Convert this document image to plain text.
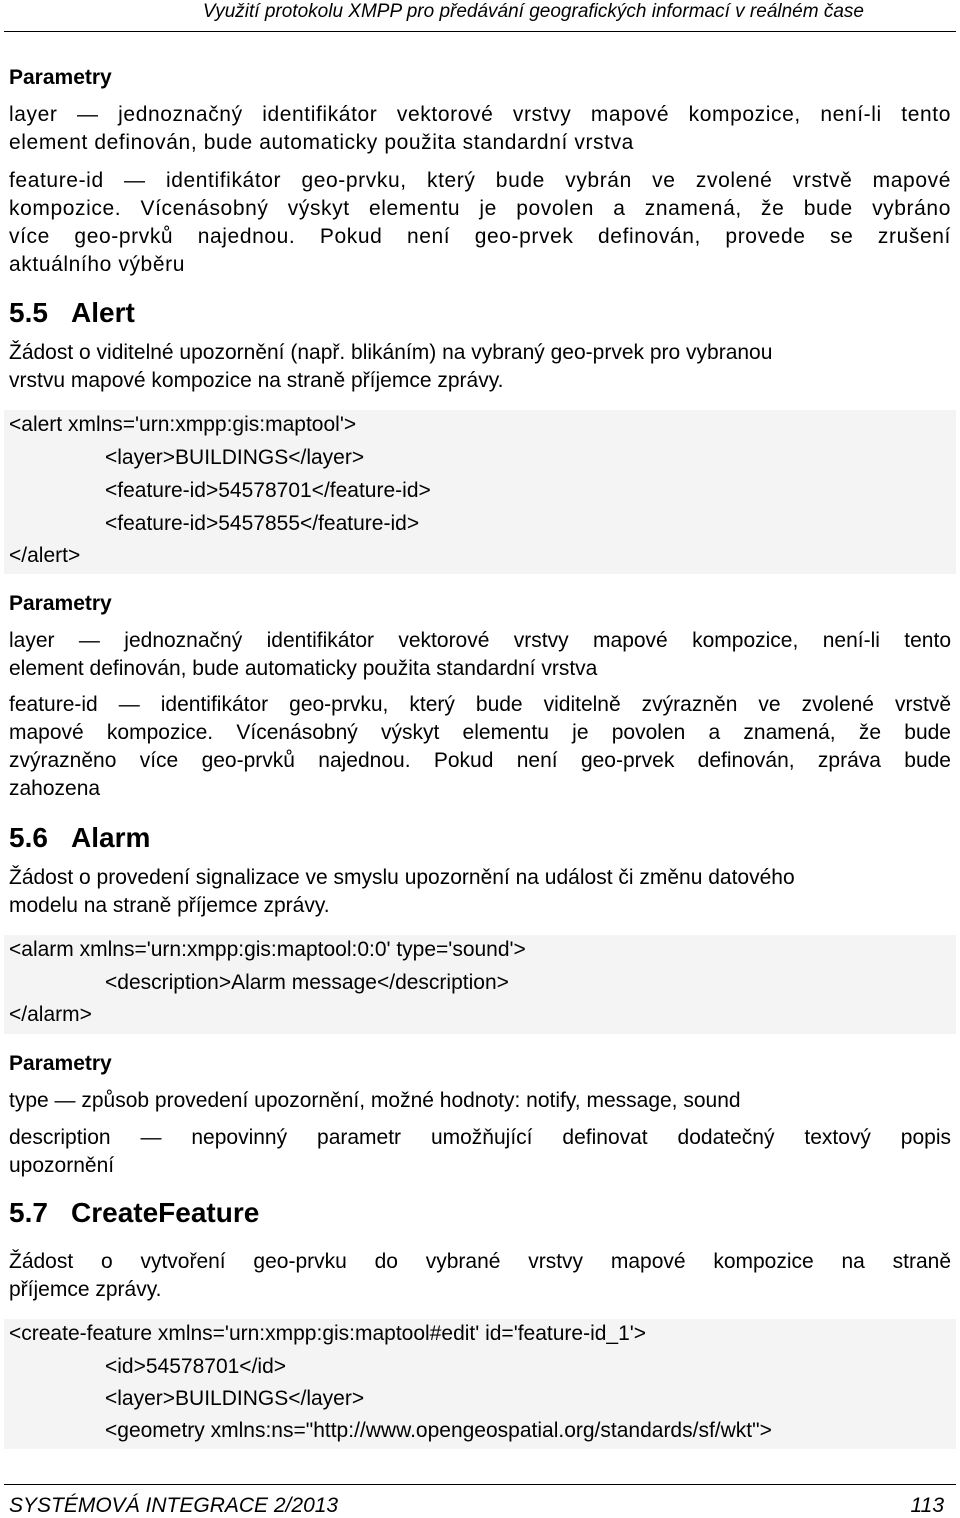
Využití protokolu XMPP pro předávání geografických informací v reálném čase
Parametry
layer — jednoznačný identifikátor vektorové vrstvy mapové kompozice, není-li tento
element definován, bude automaticky použita standardní vrstva
feature-id — identifikátor geo-prvku, který bude vybrán ve zvolené vrstvě mapové
kompozice. Vícenásobný výskyt elementu je povolen a znamená, že bude vybráno
více geo-prvků najednou. Pokud není geo-prvek definován, provede se zrušení
aktuálního výběru
5.5 Alert
Žádost o viditelné upozornění (např. blikáním) na vybraný geo-prvek pro vybranou
vrstvu mapové kompozice na straně příjemce zprávy.
<alert xmlns='urn:xmpp:gis:maptool'>
<layer>BUILDINGS</layer>
<feature-id>54578701</feature-id>
<feature-id>5457855</feature-id>
</alert>
Parametry
layer — jednoznačný identifikátor vektorové vrstvy mapové kompozice, není-li tento
element definován, bude automaticky použita standardní vrstva
feature-id — identifikátor geo-prvku, který bude viditelně zvýrazněn ve zvolené vrstvě
mapové kompozice. Vícenásobný výskyt elementu je povolen a znamená, že bude
zvýrazněno více geo-prvků najednou. Pokud není geo-prvek definován, zpráva bude
zahozena
5.6 Alarm
Žádost o provedení signalizace ve smyslu upozornění na událost či změnu datového
modelu na straně příjemce zprávy.
<alarm xmlns='urn:xmpp:gis:maptool:0:0' type='sound'>
<description>Alarm message</description>
</alarm>
Parametry
type — způsob provedení upozornění, možné hodnoty: notify, message, sound
description — nepovinný parametr umožňující definovat dodatečný textový popis
upozornění
5.7 CreateFeature
Žádost o vytvoření geo-prvku do vybrané vrstvy mapové kompozice na straně
příjemce zprávy.
<create-feature xmlns='urn:xmpp:gis:maptool#edit' id='feature-id_1'>
<id>54578701</id>
<layer>BUILDINGS</layer>
<geometry xmlns:ns="http://www.opengeospatial.org/standards/sf/wkt">
SYSTÉMOVÁ INTEGRACE 2/2013	113
